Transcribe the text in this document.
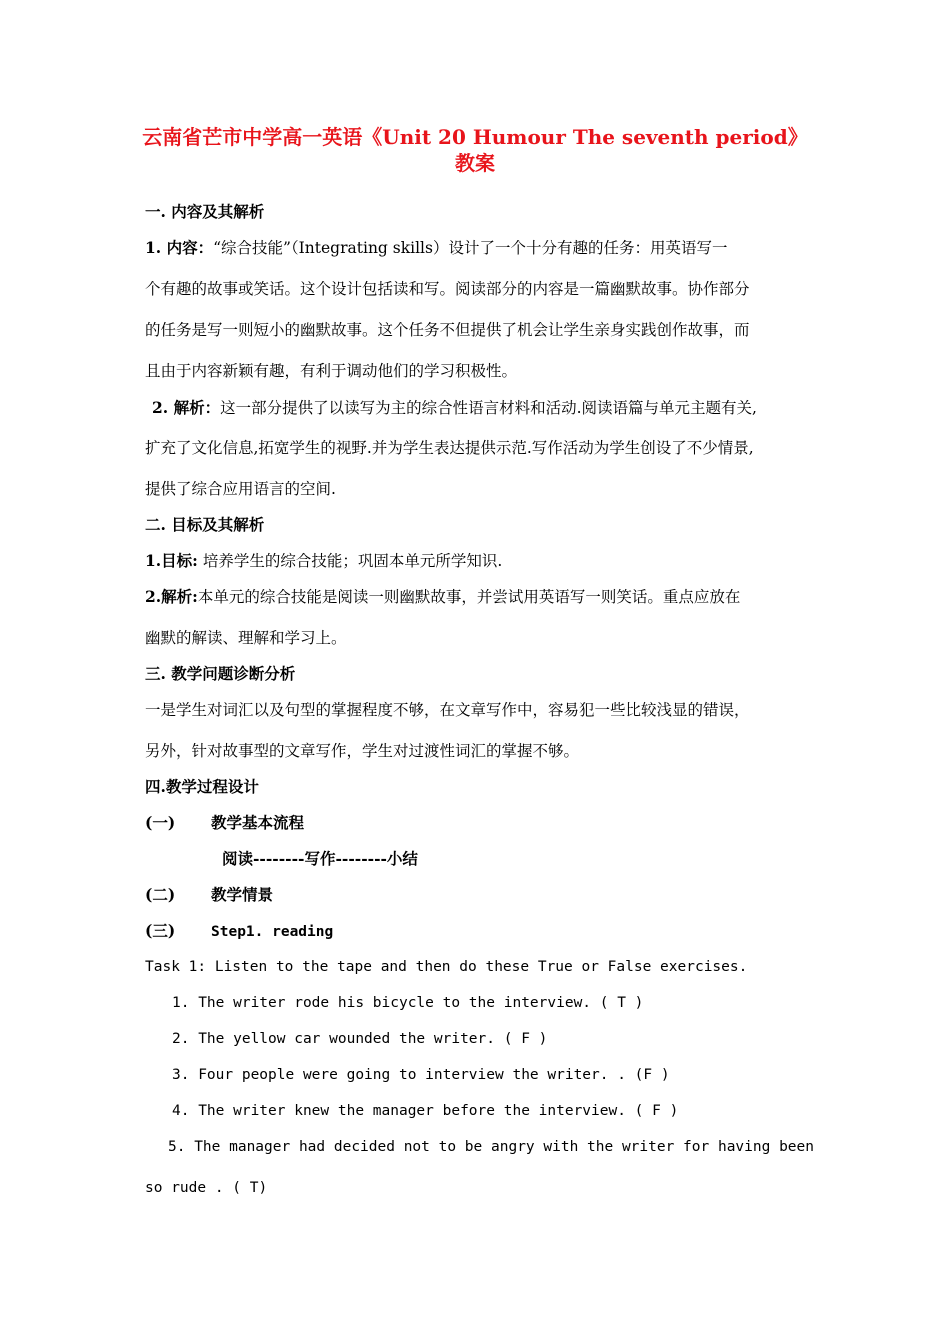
云南省芒市中学高一英语《Unit 20 Humour The seventh period》
教案
一. 内容及其解析
1. 内容：“综合技能”（Integrating skills）设计了一个十分有趣的任务：用英语写一
个有趣的故事或笑话。这个设计包括读和写。阅读部分的内容是一篇幽默故事。协作部分
的任务是写一则短小的幽默故事。这个任务不但提供了机会让学生亲身实践创作故事，而
且由于内容新颖有趣，有利于调动他们的学习积极性。
2. 解析：这一部分提供了以读写为主的综合性语言材料和活动.阅读语篇与单元主题有关,
扩充了文化信息,拓宽学生的视野.并为学生表达提供示范.写作活动为学生创设了不少情景,
提供了综合应用语言的空间.
二. 目标及其解析
1.目标: 培养学生的综合技能；巩固本单元所学知识.
2.解析:本单元的综合技能是阅读一则幽默故事，并尝试用英语写一则笑话。重点应放在
幽默的解读、理解和学习上。
三. 教学问题诊断分析
一是学生对词汇以及句型的掌握程度不够，在文章写作中，容易犯一些比较浅显的错误，
另外，针对故事型的文章写作，学生对过渡性词汇的掌握不够。
四.教学过程设计
(一) 教学基本流程
阅读--------写作--------小结
(二) 教学情景
(三) Step1. reading
Task 1: Listen to the tape and then do these True or False exercises.
1. The writer rode his bicycle to the interview. ( T )
2. The yellow car wounded the writer. ( F )
3. Four people were going to interview the writer. . (F )
4. The writer knew the manager before the interview. ( F )
5. The manager had decided not to be angry with the writer for having been
so rude . ( T)
